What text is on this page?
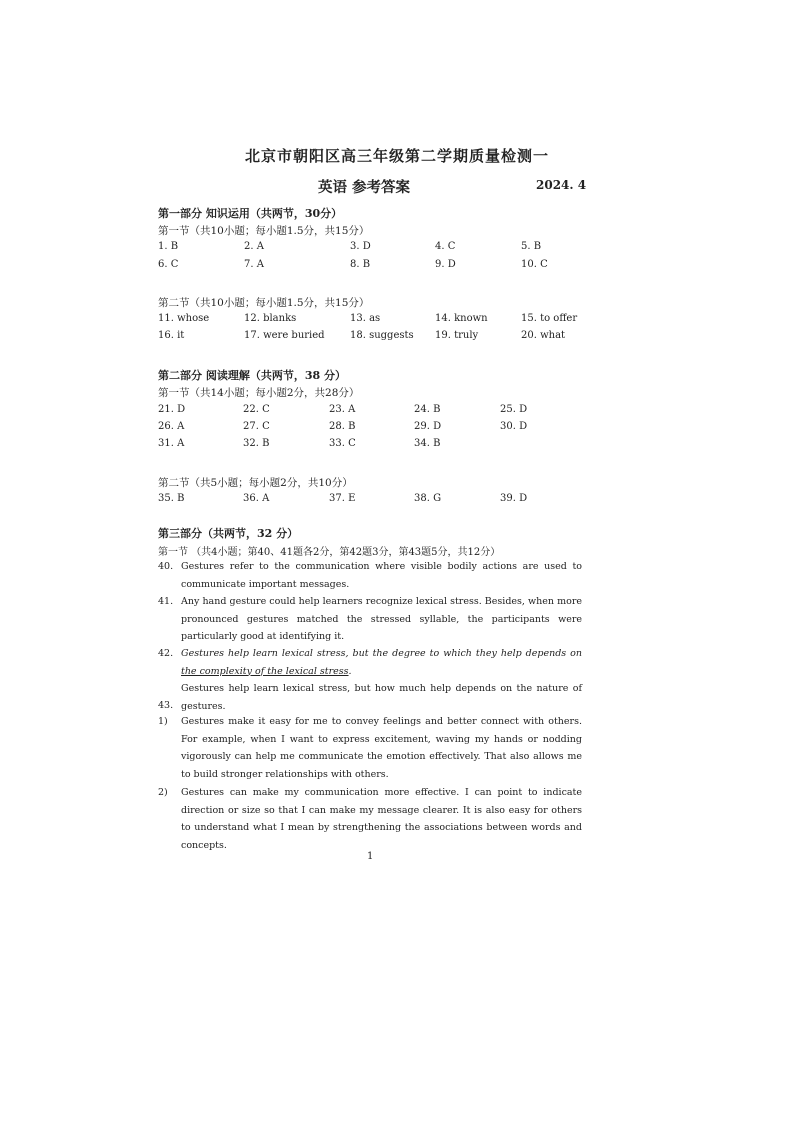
北京市朝阳区高三年级第二学期质量检测一
英语 参考答案	2024. 4
第一部分 知识运用（共两节，30分）
第一节（共10小题；每小题1.5分，共15分）
1. B	2. A	3. D	4. C	5. B
6. C	7. A	8. B	9. D	10. C
第二节（共10小题；每小题1.5分，共15分）
11. whose	12. blanks	13. as	14. known	15. to offer
16. it	17. were buried	18. suggests 19. truly	20. what
第二部分 阅读理解（共两节，38 分）
第一节（共14小题；每小题2分，共28分）
21. D	22. C	23. A	24. B	25. D
26. A	27. C	28. B	29. D	30. D
31. A	32. B	33. C	34. B
第二节（共5小题；每小题2分，共10分）
35. B	36. A	37. E	38. G	39. D
第三部分（共两节，32 分）
第一节 （共4小题；第40、41题各2分，第42题3分，第43题5分，共12分）
40. Gestures refer to the communication where visible bodily actions are used to communicate important messages.
41. Any hand gesture could help learners recognize lexical stress. Besides, when more pronounced gestures matched the stressed syllable, the participants were particularly good at identifying it.
42. Gestures help learn lexical stress, but the degree to which they help depends on the complexity of the lexical stress.
Gestures help learn lexical stress, but how much help depends on the nature of gestures.
43.
1) Gestures make it easy for me to convey feelings and better connect with others. For example, when I want to express excitement, waving my hands or nodding vigorously can help me communicate the emotion effectively. That also allows me to build stronger relationships with others.
2) Gestures can make my communication more effective. I can point to indicate direction or size so that I can make my message clearer. It is also easy for others to understand what I mean by strengthening the associations between words and concepts.
1
